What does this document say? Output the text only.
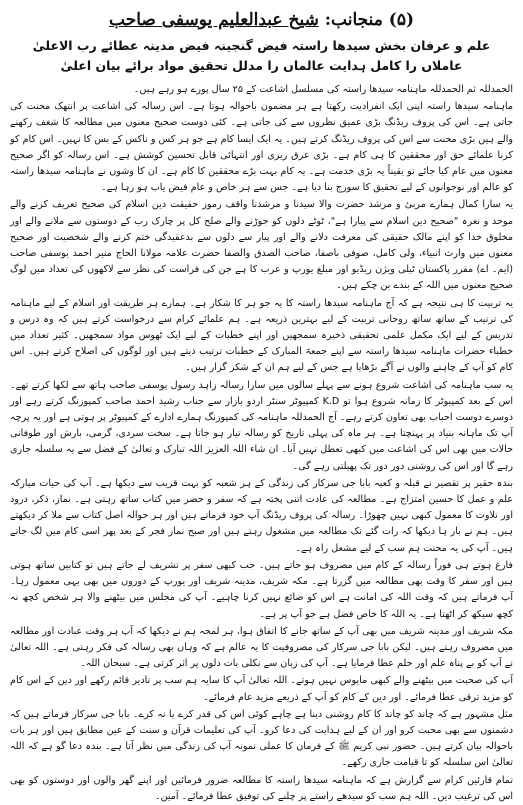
(۵) منجانب: شیخ عبدالعلیم یوسفی صاحب
علم و عرفان بخش سیدھا راستہ فیض گنجینہ فیض مدینہ عطائے رب الاعلیٰ
عاملاں را کامل ہدایت عالماں را مدلل تحقیق مواد برائے بیان اعلیٰ

الحمدللہ ثم الحمدللہ ماہنامہ سیدھا راستہ کی مسلسل اشاعت کے ۲۵ سال پورے ہو رہے ہیں۔

ماہنامہ سیدھا راستہ اپنی ایک انفرادیت رکھتا ہے ہر مضمون باحوالہ ہوتا ہے۔ اس رسالہ کی اشاعت پر انتھک محنت کی جاتی ہے۔ اس کی پروف ریڈنگ بڑی عمیق نظروں سے کی جاتی ہے۔ کئی دوست صحیح معنوں میں مطالعہ کا شغف رکھنے والے ہیں بڑی محنت سے اس کی پروف ریڈنگ کرتے ہیں۔ یہ ایک ایسا کام ہے جو ہر کس و ناکس کے بس کا نہیں۔ اس کام کو کرنا علمائے حق اور محققین کا ہی کام ہے۔ بڑی عرق ریزی اور انتہائی قابل تحسین کوشش ہے۔ اس رسالہ کو اگر صحیح معنوں میں عام کیا جائے تو یقیناً یہ بڑی خدمت ہے۔ یہ کام بہت بڑے محققین کا کام ہے۔ ان کا وشوں نے ماہنامہ سیدھا راستہ کو عالم اور نوجوانوں کے لیے تحقیق کا سورج بنا دیا ہے۔ جس سے ہر خاص و عام فیض یاب ہو رہا ہے۔

یہ سارا کمال ہمارے مربیٔ و مرشد حضرت والا سیدنا و مرشدنا واقف رموز حقیقت دین اسلام کی صحیح تعریف کرنے والے موحد و نعرہ "صحیح دین اسلام سے پیارا ہے"، ٹوٹے دلوں کو جوڑنے والے صلح کل پر چارک رب کے دوستوں سے ملانے والے اور مخلوق خدا کو اپنے مالک حقیقی کی معرفت دلانے والے اور پیار سے دلوں سے بدعقیدگی ختم کرنے والے شخصیت اور صحیح معنوں میں وارث انبیاء، ولی کامل، صوفی باصفا، صاحب الصدق والصفا حضرت علامہ مولانا الحاج منیر احمد یوسفی صاحب (ایم۔ اے) مقرر پاکستان ٹیلی ویژن ریڈیو اور مبلغ یورپ و عرب کا ہے جن کی فراست کی نظر سے لاکھوں کی تعداد میں لوگ صحیح معنوں میں اللہ کے بندے بن چکے ہیں۔

یہ تربیت کا ہی نتیجہ ہے کہ آج ماہنامہ سیدھا راستہ کا یہ جو ہر کا شکار ہے۔ ہمارے ہر طریقت اور اسلام کے لیے ماہنامہ کی ترتیب کے ساتھ ساتھ روحانی تربیت کے لیے بہترین ذریعہ ہے۔ ہم علمائے کرام سے درخواست کرتے ہیں کہ وہ درس و تدریس کے لیے ایک مکمل علمی تحقیقی ذخیرہ سمجھیں اور اپنے خطبات کے لیے ایک ٹھوس مواد سمجھیں۔ کثیر تعداد میں خطباء حضرات ماہنامہ سیدھا راستہ سے اپنے جمعۃ المبارک کے خطبات ترتیب دیتے ہیں اور لوگوں کی اصلاح کرتے ہیں۔ اس کام کو آپ کے چاہنے والوں نے آگے بڑھایا ہے جس کے لیے ہم ان کے شکر گزار ہیں۔

یہ سب ماہنامہ کی اشاعت شروع ہونے سے پہلے سالوں میں سارا رسالہ زاہد رسول یوسفی صاحب ہاتھ سے لکھا کرتے تھے۔ اس کے بعد کمپیوٹر کا زمانہ شروع ہوا تو K.D کمپیوٹر سنٹر اردو بازار سے جناب رشید احمد صاحب کمپوزنگ کرتے رہے اور دوسرے دوست احباب بھی تعاون کرتے رہے۔ آج الحمدللہ ماہنامہ کی کمپوزنگ ہمارے ادارے کے کمپیوٹر پر ہوتی ہے اور یہ پرچہ آپ تک ماہانہ بنیاد پر پہنچتا ہے۔ ہر ماہ کی پہلی تاریخ کو رسالہ تیار ہو جاتا ہے۔ سخت سردی، گرمی، بارش اور طوفانی حالات میں بھی اس کی اشاعت میں کبھی تعطل نہیں آیا۔ ان شاء اللہ العزیز اللہ تبارک و تعالیٰ کے فضل سے یہ سلسلہ جاری رہے گا اور اس کی روشنی دور دور تک پھیلتی رہے گی۔

بندہ حقیر پر تقصیر نے قبلہ و کعبہ بابا جی سرکار کی زندگی کے ہر شعبہ کو بہت قریب سے دیکھا ہے۔ آپ کی حیات مبارکہ علم و عمل کا حسین امتزاج ہے۔ مطالعہ کی عادت اتنی پختہ ہے کہ سفر و حضر میں کتاب ساتھ رہتی ہے۔ نماز، ذکر، درود اور تلاوت کا معمول کبھی نہیں چھوڑا۔ رسالہ کی پروف ریڈنگ آپ خود فرماتے ہیں اور ہر حوالہ اصل کتاب سے ملا کر دیکھتے ہیں۔ ہم نے بار ہا دیکھا کہ رات گئے تک مطالعہ میں مشغول رہتے ہیں اور صبح نماز فجر کے بعد پھر اسی کام میں لگ جاتے ہیں۔ آپ کی یہ محنت ہم سب کے لیے مشعل راہ ہے۔

فارغ ہوتے ہی فوراً رسالہ کے کام میں مصروف ہو جاتے ہیں۔ جب کبھی سفر پر تشریف لے جاتے ہیں تو کتابیں ساتھ ہوتی ہیں اور سفر کا وقت بھی مطالعہ میں گزرتا ہے۔ مکہ شریف، مدینہ شریف اور یورپ کے دوروں میں بھی یہی معمول رہا۔ آپ فرماتے ہیں کہ وقت اللہ کی امانت ہے اس کو ضائع نہیں کرنا چاہیے۔ آپ کی مجلس میں بیٹھنے والا ہر شخص کچھ نہ کچھ سیکھ کر اٹھتا ہے۔ یہ اللہ کا خاص فضل ہے جو آپ پر ہے۔

مکہ شریف اور مدینہ شریف میں بھی آپ کے ساتھ جانے کا اتفاق ہوا، ہر لمحہ ہم نے دیکھا کہ آپ ہر وقت عبادت اور مطالعہ میں مصروف رہتے ہیں۔ لیکن بابا جی سرکار کی مصروفیت کا یہ عالم ہے کہ وہاں بھی رسالہ کی فکر رہتی ہے۔ اللہ تعالیٰ نے آپ کو بے پناہ علم اور حلم عطا فرمایا ہے۔ آپ کی زبان سے نکلی بات دلوں پر اثر کرتی ہے۔ سبحان اللہ۔

آپ کی صحبت میں بیٹھنے والے کبھی مایوس نہیں ہوتے۔ اللہ تعالیٰ آپ کا سایہ ہم سب پر تادیر قائم رکھے اور دین کے اس کام کو مزید ترقی عطا فرمائے۔ اور دین کے کام کو آپ کے ذریعے مزید عام فرمائے۔

مثل مشہور ہے کہ چاند کو چاند کا کام روشنی دینا ہے چاہے کوئی اس کی قدر کرے یا نہ کرے۔ بابا جی سرکار فرماتے ہیں کہ دشمنوں سے بھی محبت کرو اور ان کے لیے ہدایت کی دعا کرو۔ آپ کی تعلیمات قرآن و سنت کے عین مطابق ہیں اور ہر بات باحوالہ بیان کرتے ہیں۔ حضور نبی کریم ﷺ کے فرمان کا عملی نمونہ آپ کی زندگی میں نظر آتا ہے۔ بندہ دعا گو ہے کہ اللہ تعالیٰ اس سلسلہ کو تا قیامت جاری رکھے۔

تمام قارئین کرام سے گزارش ہے کہ ماہنامہ سیدھا راستہ کا مطالعہ ضرور فرمائیں اور اپنے گھر والوں اور دوستوں کو بھی اس کی ترغیب دیں۔ اللہ ہم سب کو سیدھے راستے پر چلنے کی توفیق عطا فرمائے۔ آمین۔
